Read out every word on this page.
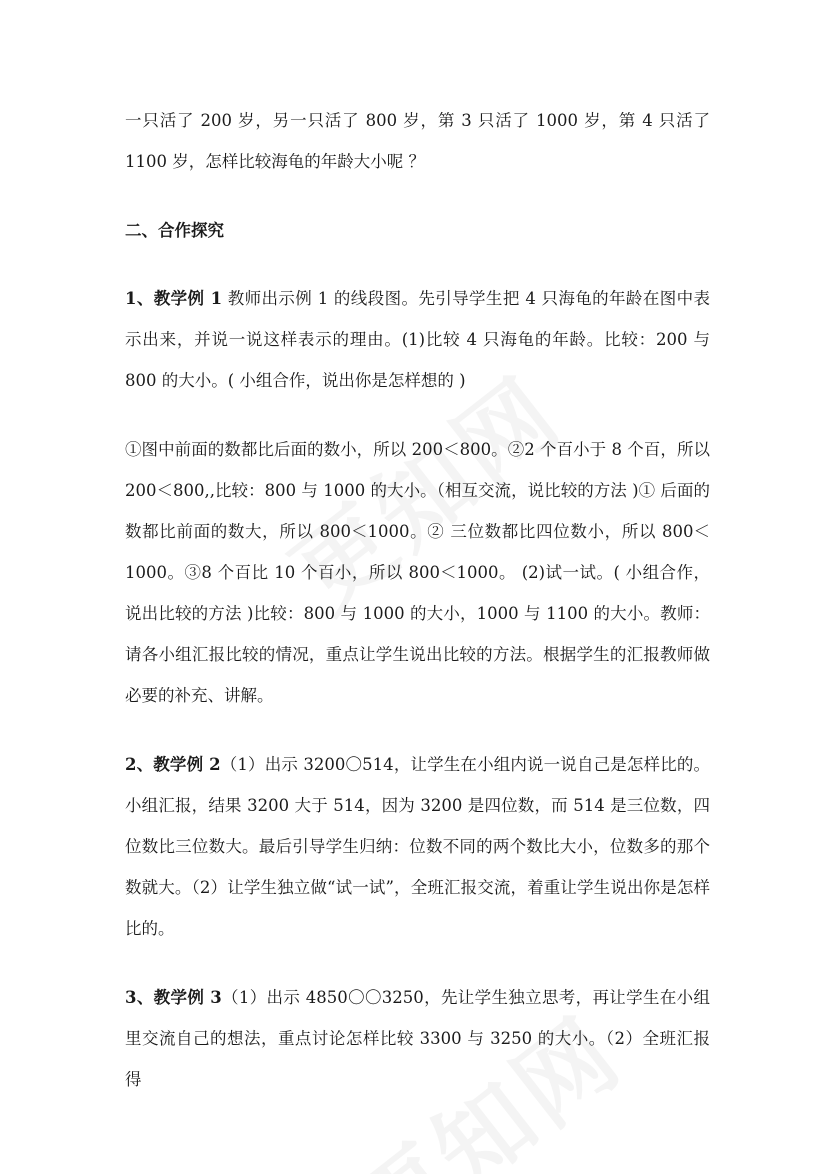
一只活了 200 岁，另一只活了 800 岁，第 3 只活了 1000 岁，第 4 只活了 1100 岁，怎样比较海龟的年龄大小呢 ？

二、合作探究

1、教学例 1 教师出示例 1 的线段图。先引导学生把 4 只海龟的年龄在图中表示出来，并说一说这样表示的理由。(1)比较 4 只海龟的年龄。比较：200 与 800 的大小。( 小组合作，说出你是怎样想的 )

①图中前面的数都比后面的数小，所以 200＜800。②2 个百小于 8 个百，所以 200＜800,,比较：800 与 1000 的大小。（相互交流，说比较的方法 )① 后面的数都比前面的数大，所以 800＜1000。② 三位数都比四位数小，所以 800＜1000。③8 个百比 10 个百小，所以 800＜1000。 (2)试一试。( 小组合作，说出比较的方法 )比较：800 与 1000 的大小，1000 与 1100 的大小。教师：请各小组汇报比较的情况，重点让学生说出比较的方法。根据学生的汇报教师做必要的补充、讲解。

2、教学例 2（1）出示 3200〇514，让学生在小组内说一说自己是怎样比的。小组汇报，结果 3200 大于 514，因为 3200 是四位数，而 514 是三位数，四位数比三位数大。最后引导学生归纳：位数不同的两个数比大小，位数多的那个数就大。（2）让学生独立做“试一试”，全班汇报交流，着重让学生说出你是怎样比的。

3、教学例 3（1）出示 4850〇〇3250，先让学生独立思考，再让学生在小组里交流自己的想法，重点讨论怎样比较 3300 与 3250 的大小。（2）全班汇报得
